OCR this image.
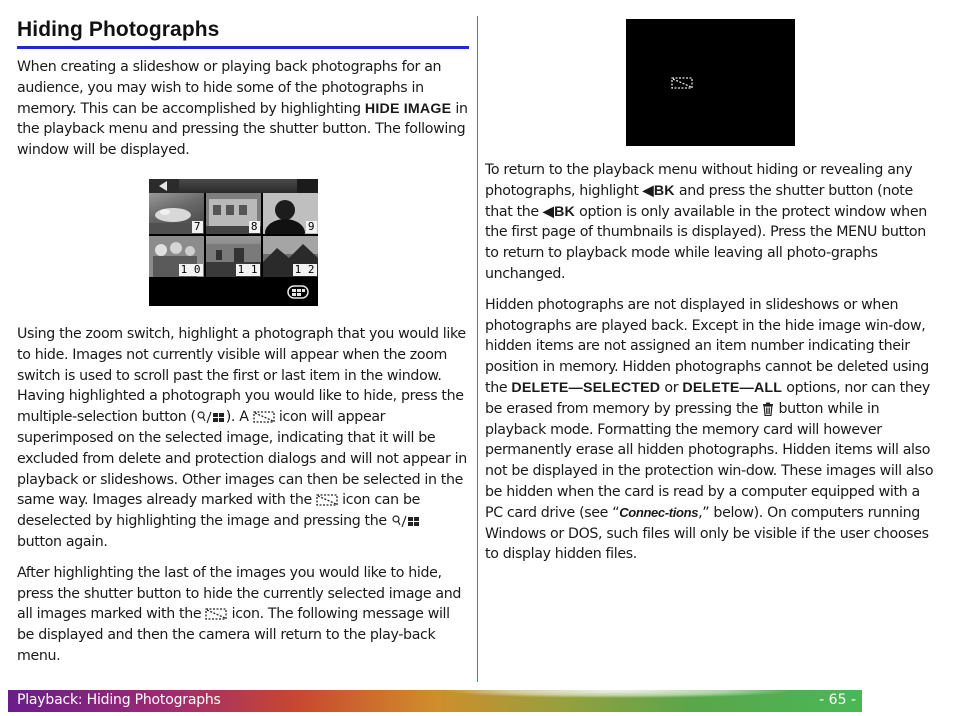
Hiding Photographs

When creating a slideshow or playing back photographs for an audience, you may wish to hide some of the photographs in memory. This can be accomplished by highlighting HIDE IMAGE in the playback menu and pressing the shutter button. The following window will be displayed.

7	8	9
1 0	1 1	1 2

Using the zoom switch, highlight a photograph that you would like to hide. Images not currently visible will appear when the zoom switch is used to scroll past the first or last item in the window. Having highlighted a photograph you would like to hide, press the multiple-selection button ( ). A  icon will appear superimposed on the selected image, indicating that it will be excluded from delete and protection dialogs and will not appear in playback or slideshows. Other images can then be selected in the same way. Images already marked with the  icon can be deselected by highlighting the image and pressing the  button again.

After highlighting the last of the images you would like to hide, press the shutter button to hide the currently selected image and all images marked with the  icon. The following message will be displayed and then the camera will return to the play-back menu.

To return to the playback menu without hiding or revealing any photographs, highlight ◀BK and press the shutter button (note that the ◀BK option is only available in the protect window when the first page of thumbnails is displayed). Press the MENU button to return to playback mode while leaving all photo-graphs unchanged.

Hidden photographs are not displayed in slideshows or when photographs are played back. Except in the hide image win-dow, hidden items are not assigned an item number indicating their position in memory. Hidden photographs cannot be deleted using the DELETE—SELECTED or DELETE—ALL options, nor can they be erased from memory by pressing the  button while in playback mode. Formatting the memory card will however permanently erase all hidden photographs. Hidden items will also not be displayed in the protection win-dow. These images will also be hidden when the card is read by a computer equipped with a PC card drive (see “Connec-tions,” below). On computers running Windows or DOS, such files will only be visible if the user chooses to display hidden files.

Playback: Hiding Photographs	- 65 -
